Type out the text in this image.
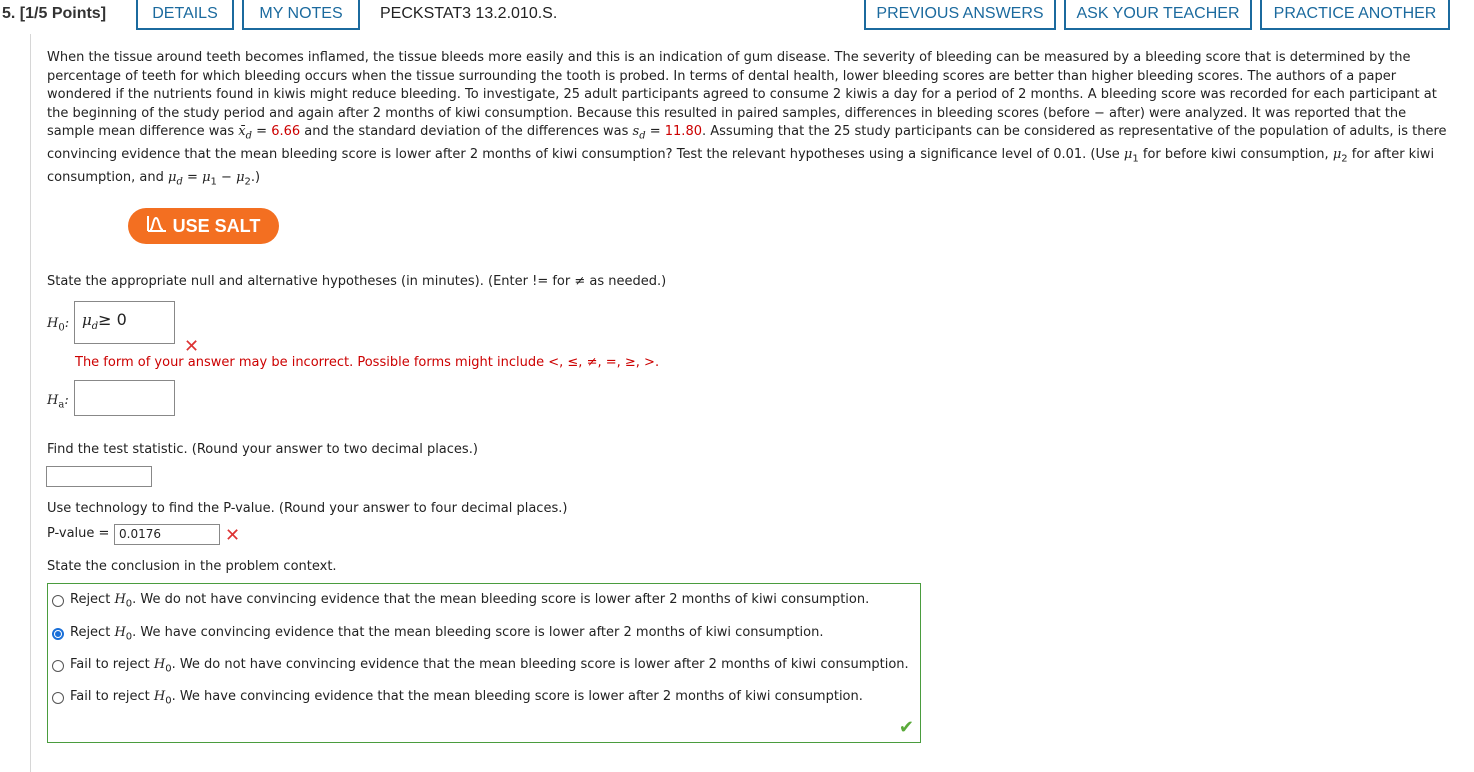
5. [1/5 Points]	DETAILS	MY NOTES	PECKSTAT3 13.2.010.S.	PREVIOUS ANSWERS	ASK YOUR TEACHER	PRACTICE ANOTHER

When the tissue around teeth becomes inflamed, the tissue bleeds more easily and this is an indication of gum disease. The severity of bleeding can be measured by a bleeding score that is determined by the percentage of teeth for which bleeding occurs when the tissue surrounding the tooth is probed. In terms of dental health, lower bleeding scores are better than higher bleeding scores. The authors of a paper wondered if the nutrients found in kiwis might reduce bleeding. To investigate, 25 adult participants agreed to consume 2 kiwis a day for a period of 2 months. A bleeding score was recorded for each participant at the beginning of the study period and again after 2 months of kiwi consumption. Because this resulted in paired samples, differences in bleeding scores (before − after) were analyzed. It was reported that the sample mean difference was $x̄_d = 6.66$ and the standard deviation of the differences was $s_d = 11.80$. Assuming that the 25 study participants can be considered as representative of the population of adults, is there convincing evidence that the mean bleeding score is lower after 2 months of kiwi consumption? Test the relevant hypotheses using a significance level of 0.01. (Use $\mu_1$ for before kiwi consumption, $\mu_2$ for after kiwi consumption, and $\mu_d = \mu_1 - \mu_2$.)

USE SALT
State the appropriate null and alternative hypotheses (in minutes). (Enter != for ≠ as needed.)
$H_0$: $\mu_d\ge 0$
✕
The form of your answer may be incorrect. Possible forms might include <, ≤, ≠, =, ≥, >.
$H_a$:
Find the test statistic. (Round your answer to two decimal places.)
Use technology to find the P-value. (Round your answer to four decimal places.)
P-value = 0.0176	✕
State the conclusion in the problem context.
Reject $H_0$. We do not have convincing evidence that the mean bleeding score is lower after 2 months of kiwi consumption.
Reject $H_0$. We have convincing evidence that the mean bleeding score is lower after 2 months of kiwi consumption.
Fail to reject $H_0$. We do not have convincing evidence that the mean bleeding score is lower after 2 months of kiwi consumption.
Fail to reject $H_0$. We have convincing evidence that the mean bleeding score is lower after 2 months of kiwi consumption.
✔
